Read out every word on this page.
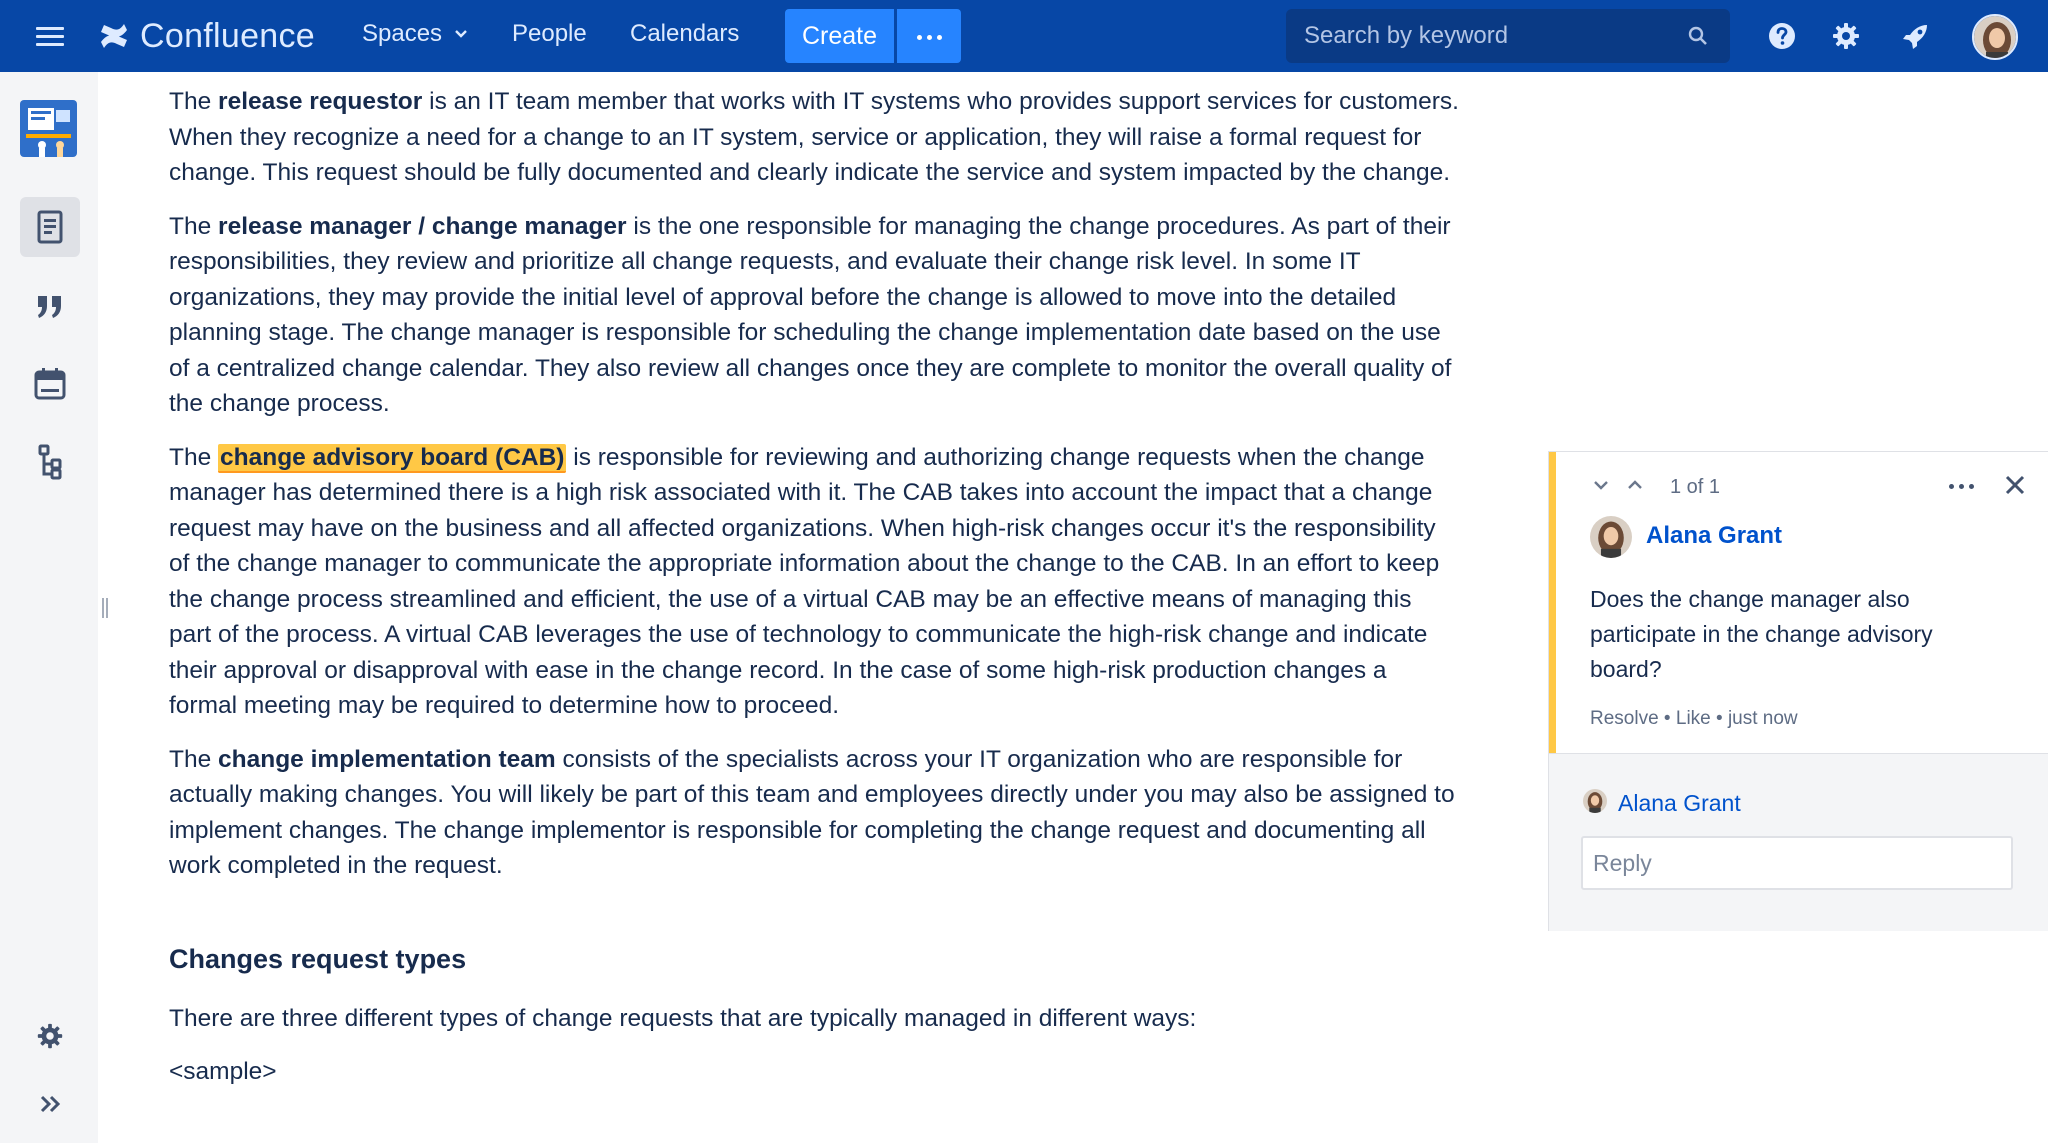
Confluence Spaces	People Calendars	Create
Search by keyword

The release requestor is an IT team member that works with IT systems who provides support services for customers. When they recognize a need for a change to an IT system, service or application, they will raise a formal request for change. This request should be fully documented and clearly indicate the service and system impacted by the change.

The release manager / change manager is the one responsible for managing the change procedures. As part of their responsibilities, they review and prioritize all change requests, and evaluate their change risk level. In some IT organizations, they may provide the initial level of approval before the change is allowed to move into the detailed planning stage. The change manager is responsible for scheduling the change implementation date based on the use of a centralized change calendar. They also review all changes once they are complete to monitor the overall quality of the change process.

The change advisory board (CAB) is responsible for reviewing and authorizing change requests when the change manager has determined there is a high risk associated with it. The CAB takes into account the impact that a change request may have on the business and all affected organizations. When high-risk changes occur it's the responsibility of the change manager to communicate the appropriate information about the change to the CAB. In an effort to keep the change process streamlined and efficient, the use of a virtual CAB may be an effective means of managing this part of the process. A virtual CAB leverages the use of technology to communicate the high-risk change and indicate their approval or disapproval with ease in the change record. In the case of some high-risk production changes a formal meeting may be required to determine how to proceed.

The change implementation team consists of the specialists across your IT organization who are responsible for actually making changes. You will likely be part of this team and employees directly under you may also be assigned to implement changes. The change implementor is responsible for completing the change request and documenting all work completed in the request.

Changes request types

There are three different types of change requests that are typically managed in different ways:

<sample>

1 of 1
Alana Grant
Does the change manager also participate in the change advisory board?
Resolve • Like • just now
Alana Grant
Reply
